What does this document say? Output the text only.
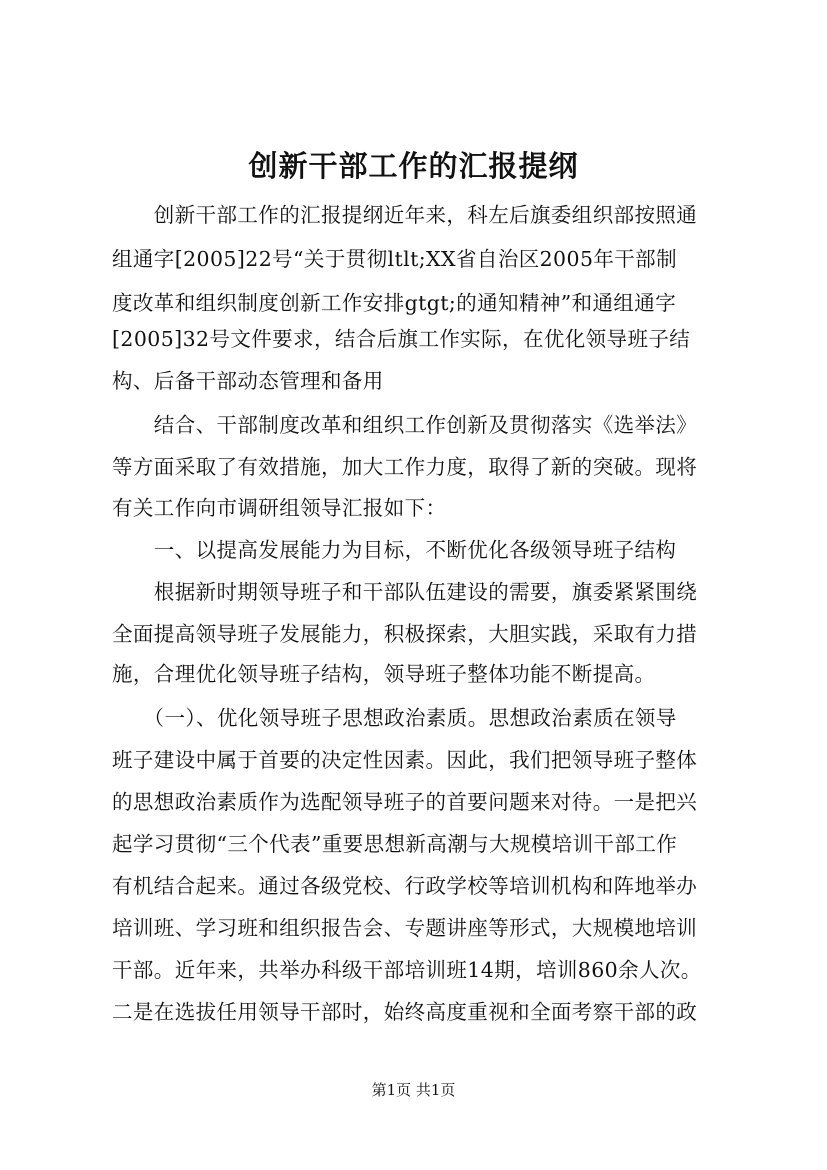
创新干部工作的汇报提纲
　　创新干部工作的汇报提纲近年来，科左后旗委组织部按照通
组通字[2005]22号“关于贯彻ltlt;XX省自治区2005年干部制
度改革和组织制度创新工作安排gtgt;的通知精神”和通组通字
[2005]32号文件要求，结合后旗工作实际，在优化领导班子结
构、后备干部动态管理和备用
　　结合、干部制度改革和组织工作创新及贯彻落实《选举法》
等方面采取了有效措施，加大工作力度，取得了新的突破。现将
有关工作向市调研组领导汇报如下：
　　一、以提高发展能力为目标，不断优化各级领导班子结构
　　根据新时期领导班子和干部队伍建设的需要，旗委紧紧围绕
全面提高领导班子发展能力，积极探索，大胆实践，采取有力措
施，合理优化领导班子结构，领导班子整体功能不断提高。
　　（一）、优化领导班子思想政治素质。思想政治素质在领导
班子建设中属于首要的决定性因素。因此，我们把领导班子整体
的思想政治素质作为选配领导班子的首要问题来对待。一是把兴
起学习贯彻“三个代表”重要思想新高潮与大规模培训干部工作
有机结合起来。通过各级党校、行政学校等培训机构和阵地举办
培训班、学习班和组织报告会、专题讲座等形式，大规模地培训
干部。近年来，共举办科级干部培训班14期，培训860余人次。
二是在选拔任用领导干部时，始终高度重视和全面考察干部的政
第1页 共1页
